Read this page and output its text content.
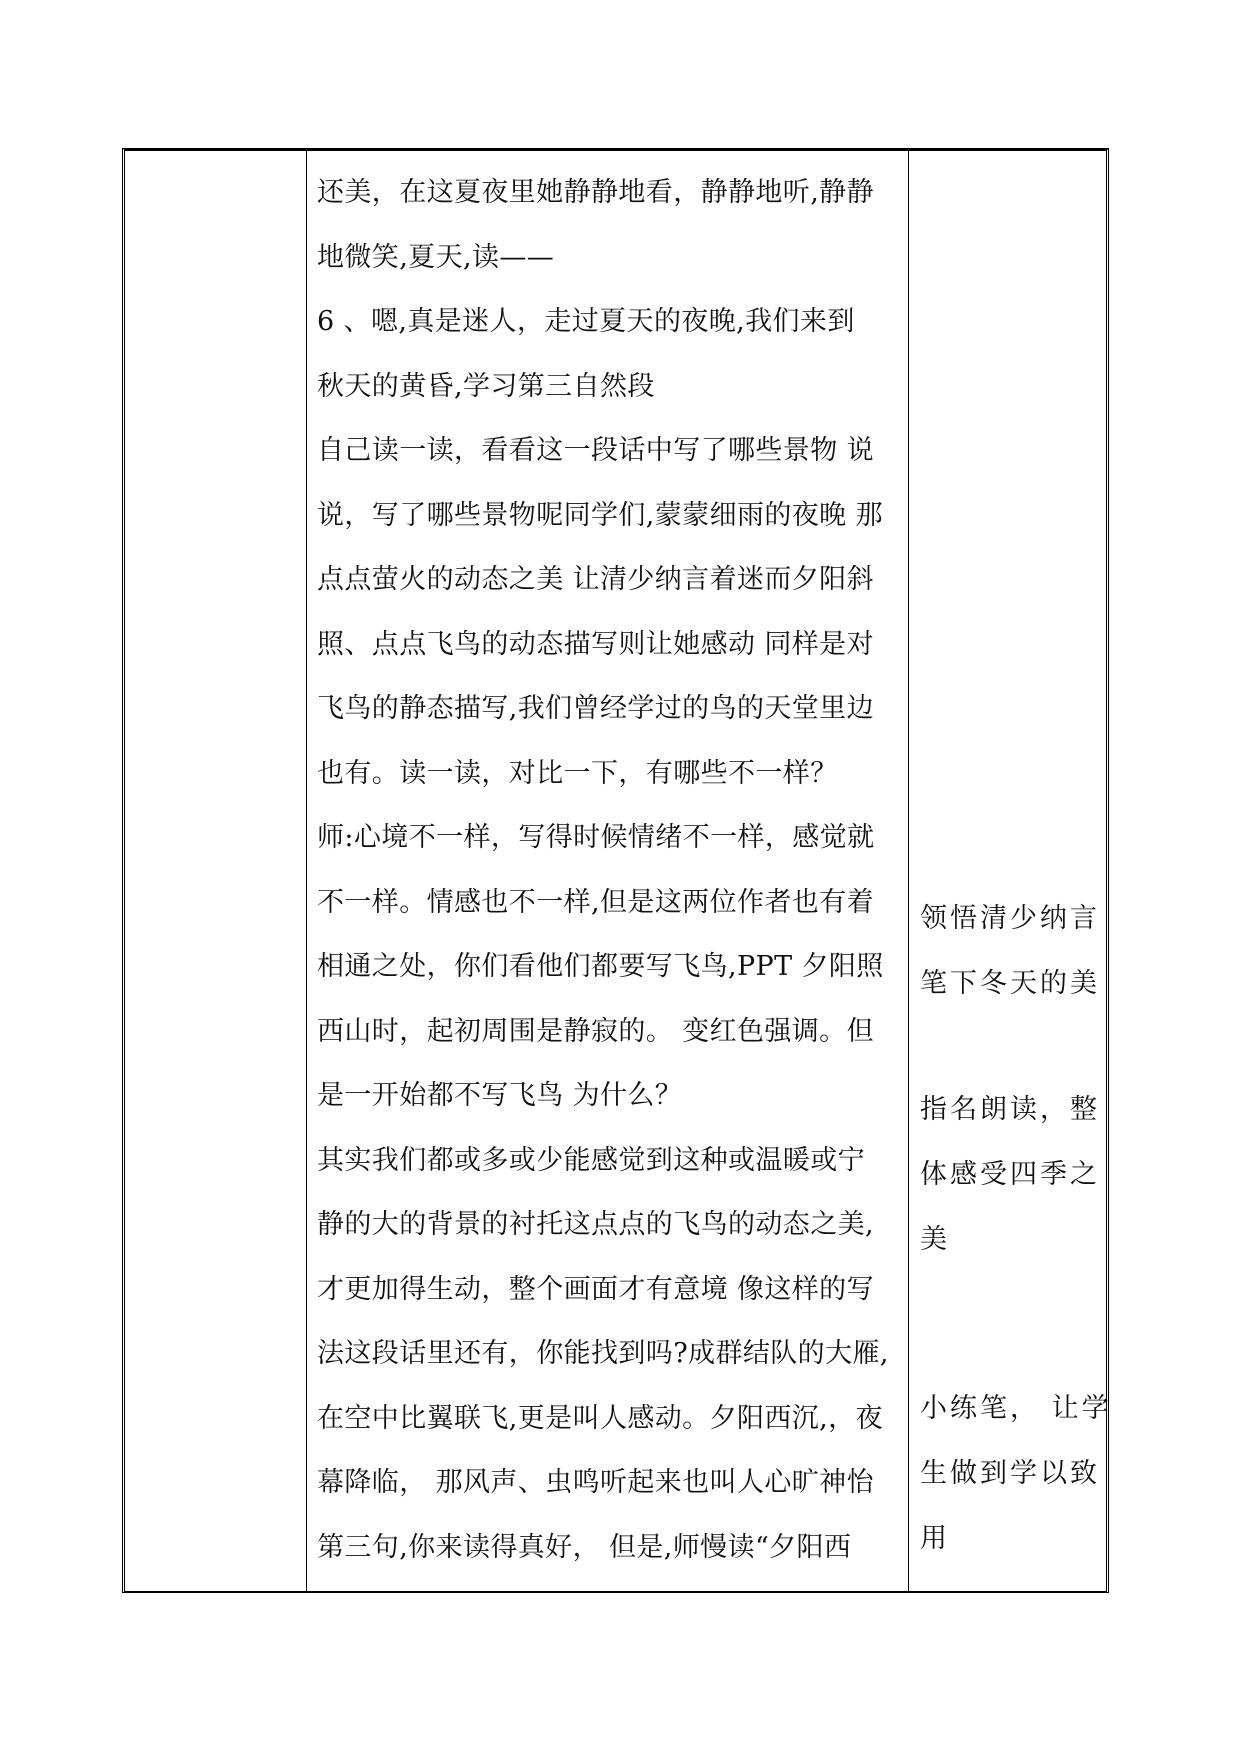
还美，在这夏夜里她静静地看，静静地听,静静
地微笑,夏天,读——
6 、嗯,真是迷人，走过夏天的夜晚,我们来到
秋天的黄昏,学习第三自然段
自己读一读，看看这一段话中写了哪些景物 说
说，写了哪些景物呢同学们,蒙蒙细雨的夜晚 那
点点萤火的动态之美 让清少纳言着迷而夕阳斜
照、点点飞鸟的动态描写则让她感动 同样是对
飞鸟的静态描写,我们曾经学过的鸟的天堂里边
也有。读一读，对比一下，有哪些不一样？
师:心境不一样，写得时候情绪不一样，感觉就
不一样。情感也不一样,但是这两位作者也有着
相通之处，你们看他们都要写飞鸟,PPT 夕阳照
西山时，起初周围是静寂的。 变红色强调。但
是一开始都不写飞鸟 为什么？
其实我们都或多或少能感觉到这种或温暖或宁
静的大的背景的衬托这点点的飞鸟的动态之美,
才更加得生动，整个画面才有意境 像这样的写
法这段话里还有，你能找到吗?成群结队的大雁,
在空中比翼联飞,更是叫人感动。夕阳西沉,，夜
幕降临， 那风声、虫鸣听起来也叫人心旷神怡
第三句,你来读得真好， 但是,师慢读“夕阳西
领悟清少纳言
笔下冬天的美
指名朗读，整
体感受四季之
美
小练笔， 让学
生做到学以致
用
